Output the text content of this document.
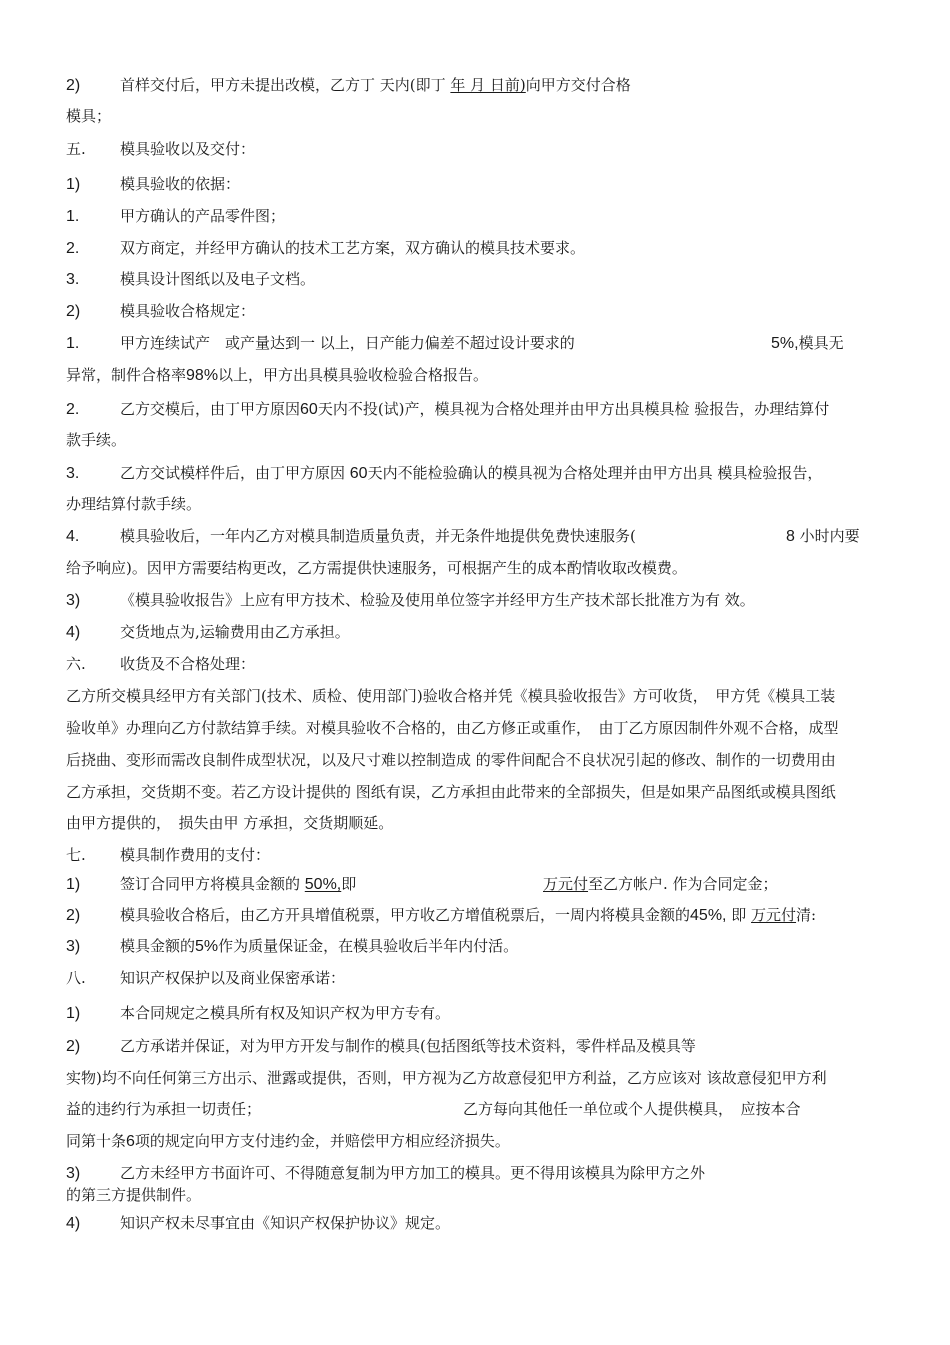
2)	首样交付后，甲方未提出改模，乙方丁 天内(即丁 年 月 日前)向甲方交付合格
模具；
五. 模具验收以及交付：
1)	模具验收的依据：
1.	甲方确认的产品零件图；
2.	双方商定，并经甲方确认的技术工艺方案，双方确认的模具技术要求。
3.	模具设计图纸以及电子文档。
2)	模具验收合格规定：
1.	甲方连续试产　或产量达到一 以上，日产能力偏差不超过设计要求的	5%,模具无
异常，制件合格率98%以上，甲方出具模具验收检验合格报告。
2.	乙方交模后，由丁甲方原因60天内不投(试)产，模具视为合格处理并由甲方出具模具检 验报告，办理结算付
款手续。
3.	乙方交试模样件后，由丁甲方原因 60天内不能检验确认的模具视为合格处理并由甲方出具 模具检验报告，
办理结算付款手续。
4.	模具验收后，一年内乙方对模具制造质量负责，并无条件地提供免费快速服务(	8 小时内要
给予响应)。因甲方需要结构更改，乙方需提供快速服务，可根据产生的成本酌情收取改模费。
3)	《模具验收报告》上应有甲方技术、检验及使用单位签字并经甲方生产技术部长批准方为有 效。
4)	交货地点为,运输费用由乙方承担。
六. 收货及不合格处理：
乙方所交模具经甲方有关部门(技术、质检、使用部门)验收合格并凭《模具验收报告》方可收货，　甲方凭《模具工装
验收单》办理向乙方付款结算手续。对模具验收不合格的，由乙方修正或重作，　由丁乙方原因制件外观不合格，成型
后挠曲、变形而需改良制件成型状况，以及尺寸难以控制造成 的零件间配合不良状况引起的修改、制作的一切费用由
乙方承担，交货期不变。若乙方设计提供的 图纸有误，乙方承担由此带来的全部损失，但是如果产品图纸或模具图纸
由甲方提供的，　损失由甲 方承担，交货期顺延。
七. 模具制作费用的支付：
1)	签订合同甲方将模具金额的 50%,即	万元付至乙方帐户. 作为合同定金；
2)	模具验收合格后，由乙方开具增值税票，甲方收乙方增值税票后，一周内将模具金额的45%, 即 万元付清:
3)	模具金额的5%作为质量保证金，在模具验收后半年内付活。
八. 知识产权保护以及商业保密承诺：
1)	本合同规定之模具所有权及知识产权为甲方专有。
2)	乙方承诺并保证，对为甲方开发与制作的模具(包括图纸等技术资料，零件样品及模具等
实物)均不向任何第三方出示、泄露或提供，否则，甲方视为乙方故意侵犯甲方利益，乙方应该对 该故意侵犯甲方利
益的违约行为承担一切责任；	乙方每向其他任一单位或个人提供模具，　应按本合
同第十条6项的规定向甲方支付违约金，并赔偿甲方相应经济损失。
3)	乙方未经甲方书面许可、不得随意复制为甲方加工的模具。更不得用该模具为除甲方之外
的第三方提供制件。
4)	知识产权未尽事宜由《知识产权保护协议》规定。
